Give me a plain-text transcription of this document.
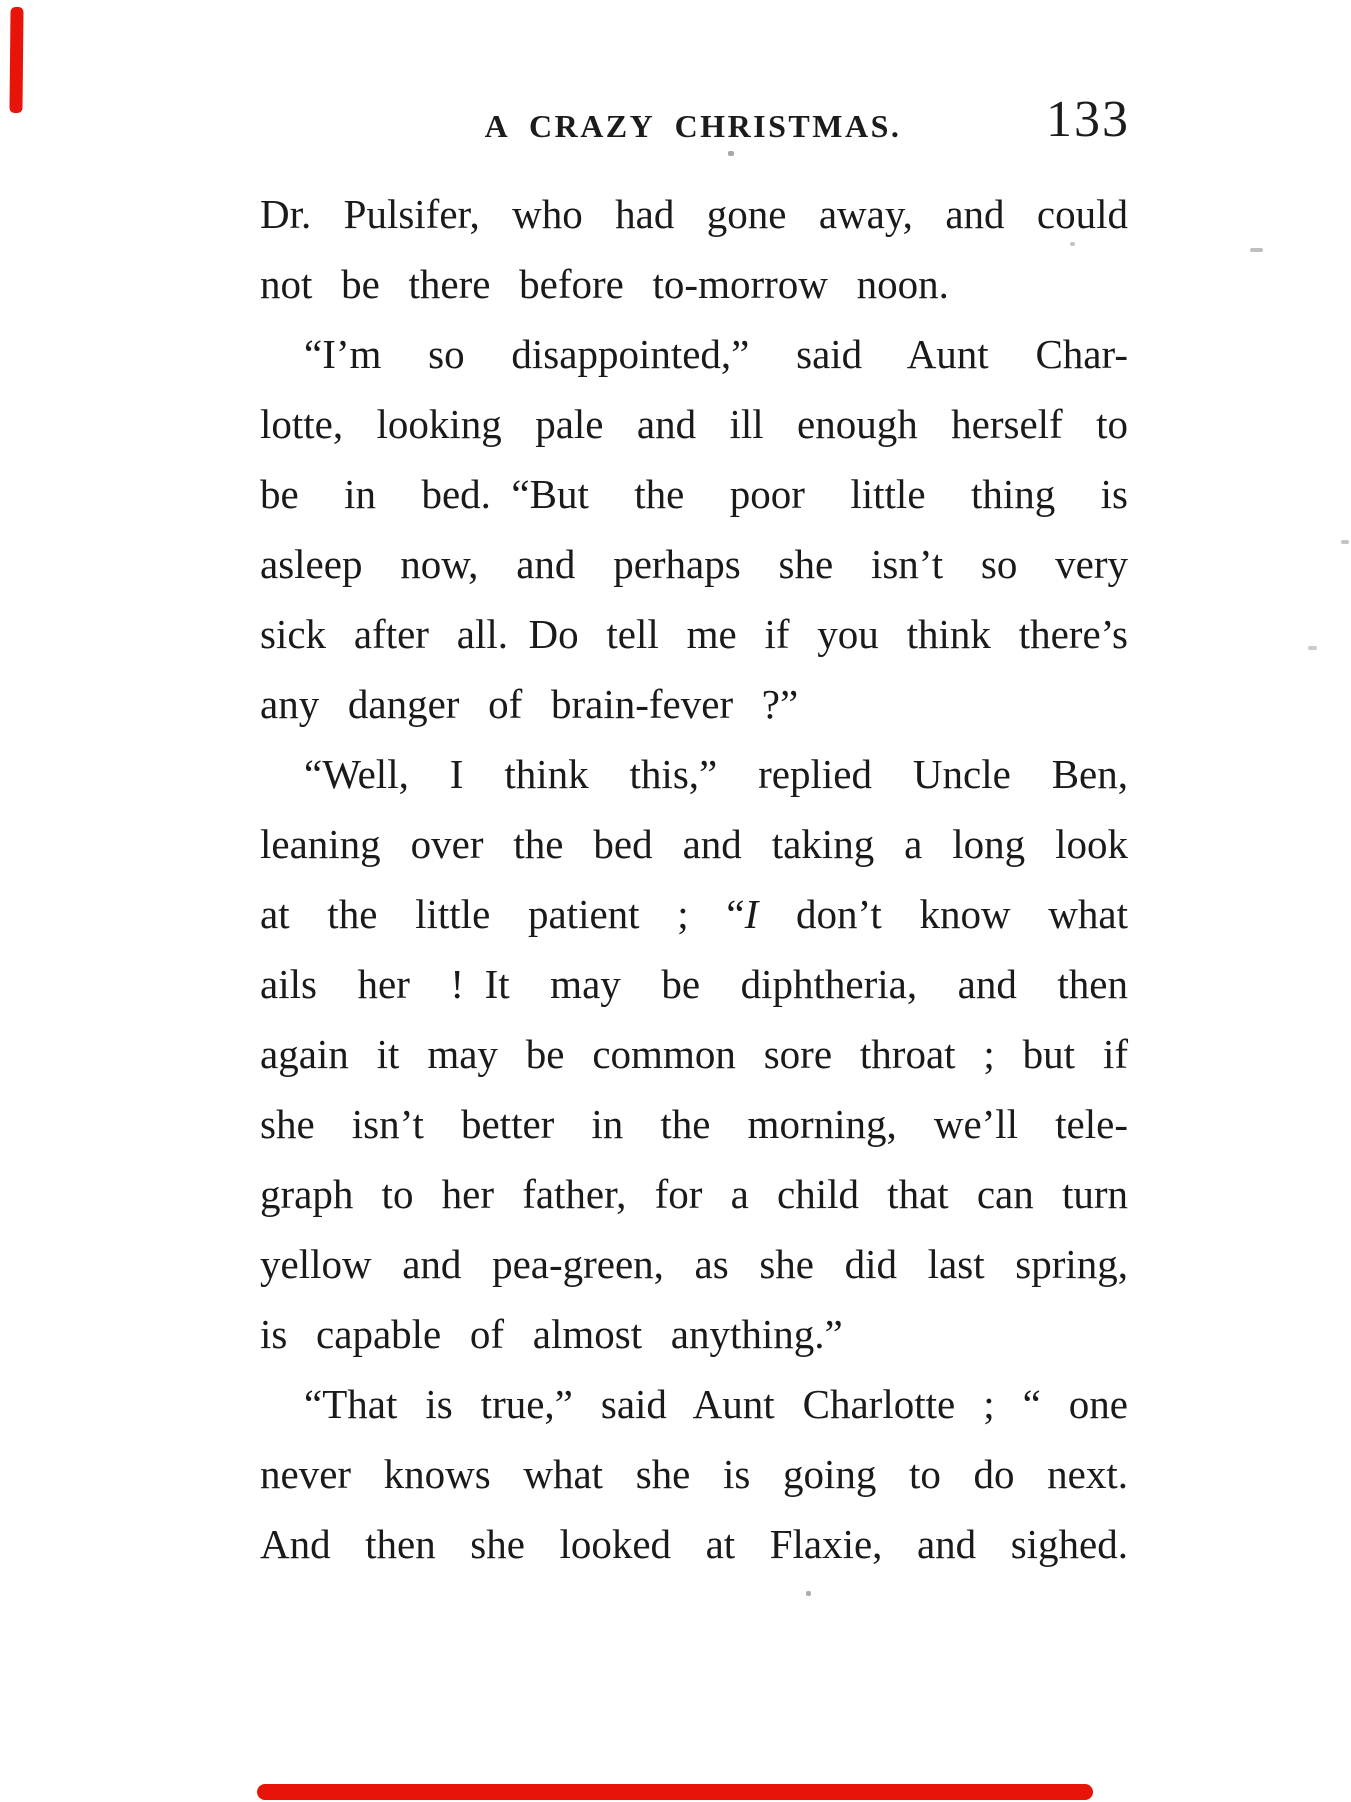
A CRAZY CHRISTMAS.	133
Dr. Pulsifer, who had gone away, and could
not be there before to-morrow noon.
“I’m so disappointed,” said Aunt Char-
lotte, looking pale and ill enough herself to
be in bed. “But the poor little thing is
asleep now, and perhaps she isn’t so very
sick after all. Do tell me if you think there’s
any danger of brain-fever ?”
“Well, I think this,” replied Uncle Ben,
leaning over the bed and taking a long look
at the little patient ; “I don’t know what
ails her ! It may be diphtheria, and then
again it may be common sore throat ; but if
she isn’t better in the morning, we’ll tele-
graph to her father, for a child that can turn
yellow and pea-green, as she did last spring,
is capable of almost anything.”
“That is true,” said Aunt Charlotte ; “ one
never knows what she is going to do next.
And then she looked at Flaxie, and sighed.
